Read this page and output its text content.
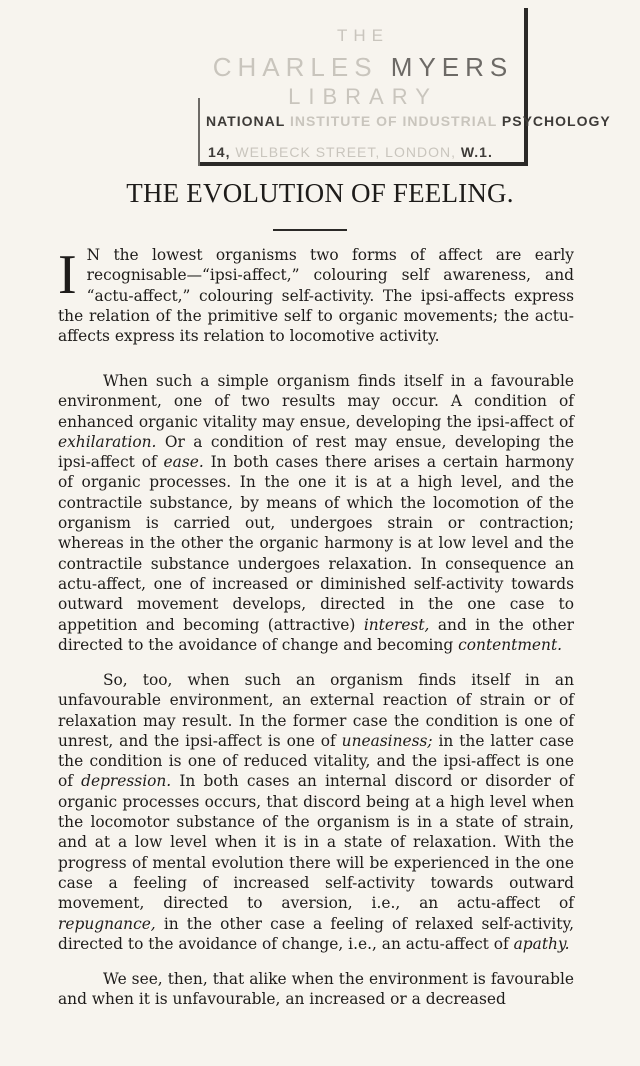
THE
CHARLES MYERS
LIBRARY
NATIONAL INSTITUTE OF INDUSTRIAL PSYCHOLOGY
14, WELBECK STREET, LONDON, W.1.
THE EVOLUTION OF FEELING.
I N the lowest organisms two forms of affect are early recognisable—“ipsi-affect,” colouring self awareness, and “actu-affect,” colouring self-activity. The ipsi-affects express the relation of the primitive self to organic movements; the actu-affects express its relation to locomotive activity.
When such a simple organism finds itself in a favourable environment, one of two results may occur. A condition of enhanced organic vitality may ensue, developing the ipsi-affect of exhilaration. Or a condition of rest may ensue, developing the ipsi-affect of ease. In both cases there arises a certain harmony of organic processes. In the one it is at a high level, and the contractile substance, by means of which the locomotion of the organism is carried out, undergoes strain or contraction; whereas in the other the organic harmony is at low level and the contractile substance undergoes relaxation. In consequence an actu-affect, one of increased or diminished self-activity towards outward movement develops, directed in the one case to appetition and becoming (attractive) interest, and in the other directed to the avoidance of change and becoming contentment.
So, too, when such an organism finds itself in an unfavourable environment, an external reaction of strain or of relaxation may result. In the former case the condition is one of unrest, and the ipsi-affect is one of uneasiness; in the latter case the condition is one of reduced vitality, and the ipsi-affect is one of depression. In both cases an internal discord or disorder of organic processes occurs, that discord being at a high level when the locomotor substance of the organism is in a state of strain, and at a low level when it is in a state of relaxation. With the progress of mental evolution there will be experienced in the one case a feeling of increased self-activity towards outward movement, directed to aversion, i.e., an actu-affect of repugnance, in the other case a feeling of relaxed self-activity, directed to the avoidance of change, i.e., an actu-affect of apathy.
We see, then, that alike when the environment is favourable and when it is unfavourable, an increased or a decreased
